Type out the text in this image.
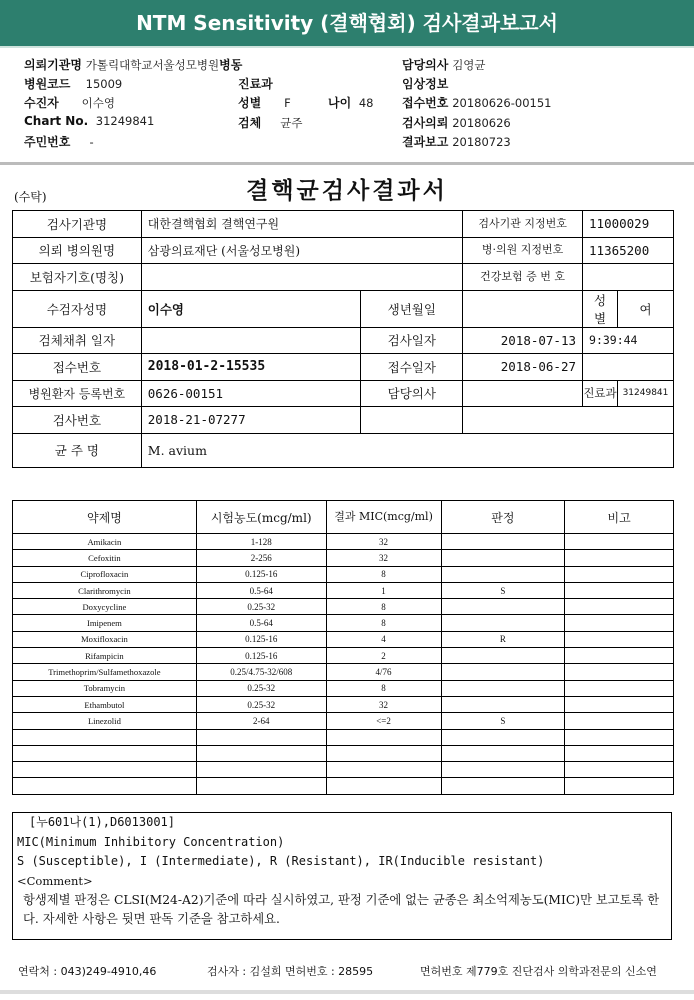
NTM Sensitivity (결핵협회) 검사결과보고서
의뢰기관명 가톨릭대학교서울성모병원병동	담당의사 김영균
병원코드 15009	진료과	임상정보
수진자 이수영	성별 F	나이 48 접수번호 20180626-00151
Chart No. 31249841	검체 균주	검사의뢰 20180626
주민번호 -	결과보고 20180723
(수탁)	결핵균검사결과서
검사기관명	대한결핵협회 결핵연구원		검사기관 지정번호	11000029	
의뢰 병의원명	삼광의료재단 (서울성모병원)		병·의원 지정번호	11365200	
보험자기호(명칭)			건강보험 증 번 호		
수검자성명	이수영	생년월일		성별	여
검체채취 일자		검사일자	2018-07-13	9:39:44	
접수번호	2018-01-2-15535	접수일자	2018-06-27		
병원환자 등록번호	0626-00151	담당의사		진료과	31249841
검사번호	2018-21-07277				
균 주 명	M. avium				
약제명	시험농도(mcg/ml)	결과 MIC(mcg/ml)	판정	비고
Amikacin	1-128	32		
Cefoxitin	2-256	32		
Ciprofloxacin	0.125-16	8		
Clarithromycin	0.5-64	1	S	
Doxycycline	0.25-32	8		
Imipenem	0.5-64	8		
Moxifloxacin	0.125-16	4	R	
Rifampicin	0.125-16	2		
Trimethoprim/Sulfamethoxazole	0.25/4.75-32/608	4/76		
Tobramycin	0.25-32	8		
Ethambutol	0.25-32	32		
Linezolid	2-64	<=2	S	

[누601나(1),D6013001]
MIC(Minimum Inhibitory Concentration)
S (Susceptible), I (Intermediate), R (Resistant), IR(Inducible resistant)
<Comment>
항생제별 판정은 CLSI(M24-A2)기준에 따라 실시하였고, 판정 기준에 없는 균종은 최소억제농도(MIC)만 보고토록 한다. 자세한 사항은 뒷면 판독 기준을 참고하세요.
연락처 : 043)249-4910,46	검사자 : 김설희 면허번호 : 28595	면허번호 제779호 진단검사 의학과전문의 신소연
